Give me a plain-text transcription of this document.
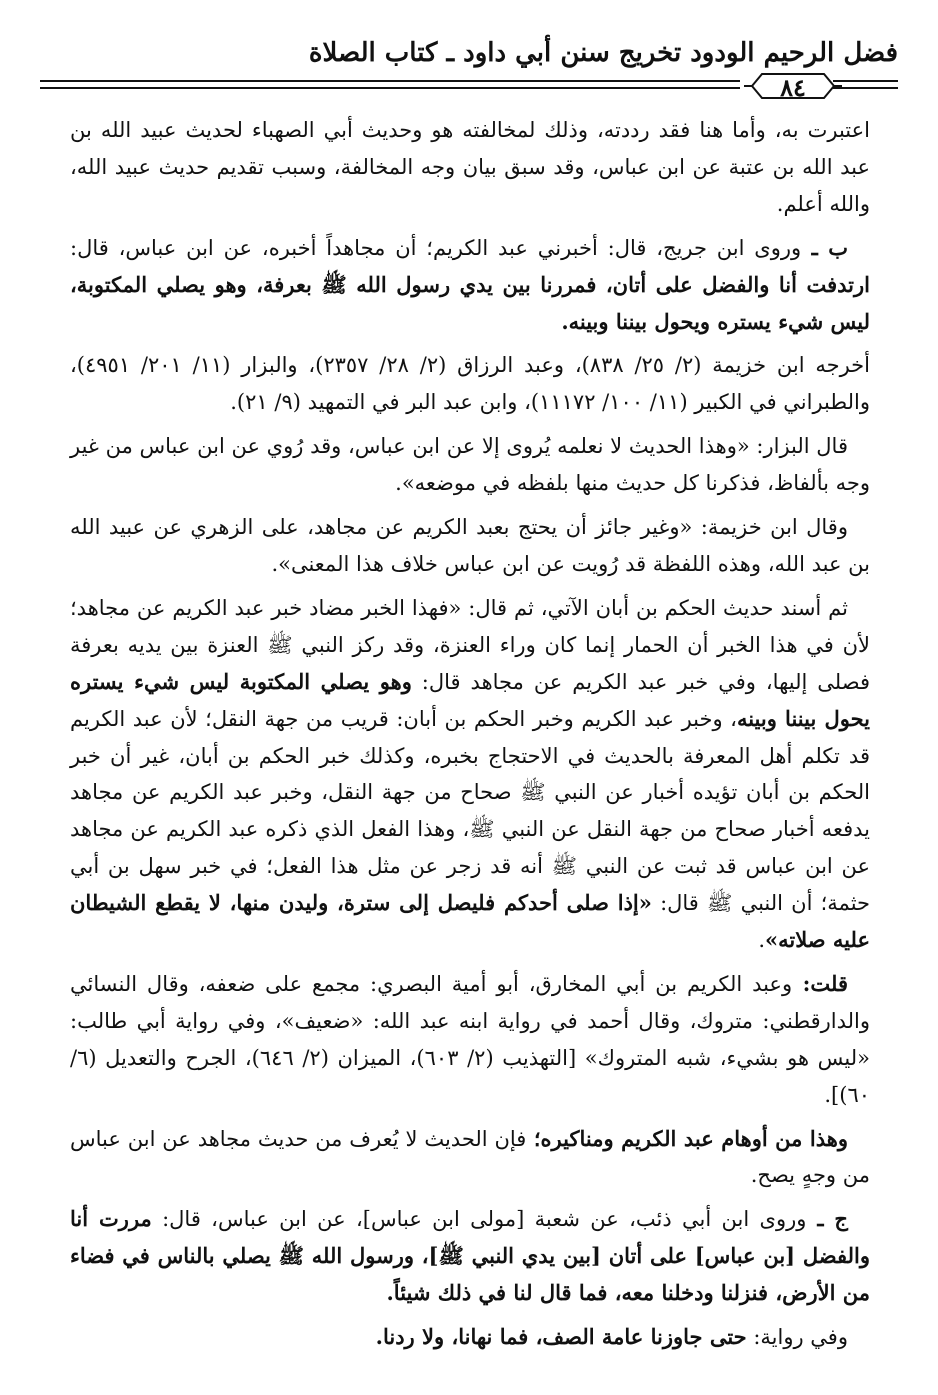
فضل الرحيم الودود تخريج سنن أبي داود ـ كتاب الصلاة
٨٤

اعتبرت به، وأما هنا فقد رددته، وذلك لمخالفته هو وحديث أبي الصهباء لحديث عبيد الله بن عبد الله بن عتبة عن ابن عباس، وقد سبق بيان وجه المخالفة، وسبب تقديم حديث عبيد الله، والله أعلم.

ب ـ وروى ابن جريج، قال: أخبرني عبد الكريم؛ أن مجاهداً أخبره، عن ابن عباس، قال: ارتدفت أنا والفضل على أتان، فمررنا بين يدي رسول الله ﷺ بعرفة، وهو يصلي المكتوبة، ليس شيء يستره ويحول بيننا وبينه.

أخرجه ابن خزيمة (٢/ ٢٥/ ٨٣٨)، وعبد الرزاق (٢/ ٢٨/ ٢٣٥٧)، والبزار (١١/ ٢٠١/ ٤٩٥١)، والطبراني في الكبير (١١/ ١٠٠/ ١١١٧٢)، وابن عبد البر في التمهيد (٩/ ٢١).

قال البزار: «وهذا الحديث لا نعلمه يُروى إلا عن ابن عباس، وقد رُوي عن ابن عباس من غير وجه بألفاظ، فذكرنا كل حديث منها بلفظه في موضعه».

وقال ابن خزيمة: «وغير جائز أن يحتج بعبد الكريم عن مجاهد، على الزهري عن عبيد الله بن عبد الله، وهذه اللفظة قد رُويت عن ابن عباس خلاف هذا المعنى».

ثم أسند حديث الحكم بن أبان الآتي، ثم قال: «فهذا الخبر مضاد خبر عبد الكريم عن مجاهد؛ لأن في هذا الخبر أن الحمار إنما كان وراء العنزة، وقد ركز النبي ﷺ العنزة بين يديه بعرفة فصلى إليها، وفي خبر عبد الكريم عن مجاهد قال: وهو يصلي المكتوبة ليس شيء يستره يحول بيننا وبينه، وخبر عبد الكريم وخبر الحكم بن أبان: قريب من جهة النقل؛ لأن عبد الكريم قد تكلم أهل المعرفة بالحديث في الاحتجاج بخبره، وكذلك خبر الحكم بن أبان، غير أن خبر الحكم بن أبان تؤيده أخبار عن النبي ﷺ صحاح من جهة النقل، وخبر عبد الكريم عن مجاهد يدفعه أخبار صحاح من جهة النقل عن النبي ﷺ، وهذا الفعل الذي ذكره عبد الكريم عن مجاهد عن ابن عباس قد ثبت عن النبي ﷺ أنه قد زجر عن مثل هذا الفعل؛ في خبر سهل بن أبي حثمة؛ أن النبي ﷺ قال: «إذا صلى أحدكم فليصل إلى سترة، وليدن منها، لا يقطع الشيطان عليه صلاته».

قلت: وعبد الكريم بن أبي المخارق، أبو أمية البصري: مجمع على ضعفه، وقال النسائي والدارقطني: متروك، وقال أحمد في رواية ابنه عبد الله: «ضعيف»، وفي رواية أبي طالب: «ليس هو بشيء، شبه المتروك» [التهذيب (٢/ ٦٠٣)، الميزان (٢/ ٦٤٦)، الجرح والتعديل (٦/ ٦٠)].

وهذا من أوهام عبد الكريم ومناكيره؛ فإن الحديث لا يُعرف من حديث مجاهد عن ابن عباس من وجهٍ يصح.

ج ـ وروى ابن أبي ذئب، عن شعبة [مولى ابن عباس]، عن ابن عباس، قال: مررت أنا والفضل [بن عباس] على أتان [بين يدي النبي ﷺ]، ورسول الله ﷺ يصلي بالناس في فضاء من الأرض، فنزلنا ودخلنا معه، فما قال لنا في ذلك شيئاً.

وفي رواية: حتى جاوزنا عامة الصف، فما نهانا، ولا ردنا.
